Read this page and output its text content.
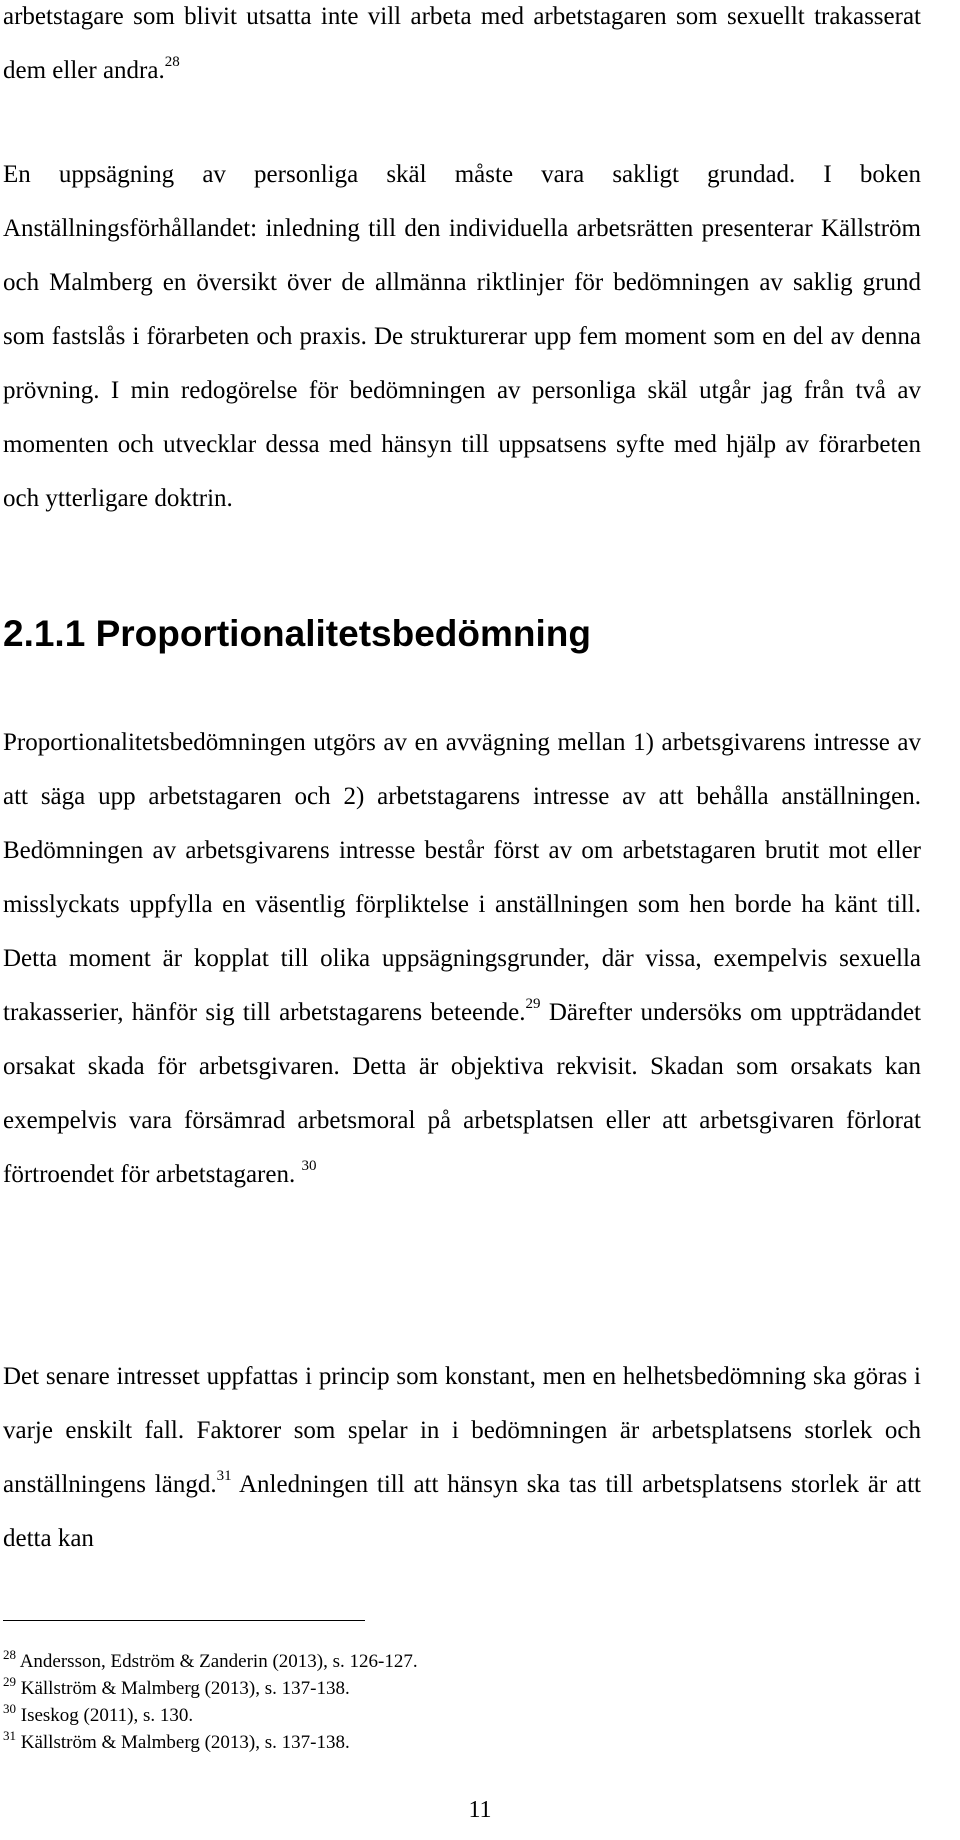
arbetstagare som blivit utsatta inte vill arbeta med arbetstagaren som sexuellt trakasserat dem eller andra.$^{28}$

En uppsägning av personliga skäl måste vara sakligt grundad. I boken Anställningsförhållandet: inledning till den individuella arbetsrätten presenterar Källström och Malmberg en översikt över de allmänna riktlinjer för bedömningen av saklig grund som fastslås i förarbeten och praxis. De strukturerar upp fem moment som en del av denna prövning. I min redogörelse för bedömningen av personliga skäl utgår jag från två av momenten och utvecklar dessa med hänsyn till uppsatsens syfte med hjälp av förarbeten och ytterligare doktrin.

2.1.1 Proportionalitetsbedömning

Proportionalitetsbedömningen utgörs av en avvägning mellan 1) arbetsgivarens intresse av att säga upp arbetstagaren och 2) arbetstagarens intresse av att behålla anställningen. Bedömningen av arbetsgivarens intresse består först av om arbetstagaren brutit mot eller misslyckats uppfylla en väsentlig förpliktelse i anställningen som hen borde ha känt till. Detta moment är kopplat till olika uppsägningsgrunder, där vissa, exempelvis sexuella trakasserier, hänför sig till arbetstagarens beteende.$^{29}$ Därefter undersöks om uppträdandet orsakat skada för arbetsgivaren. Detta är objektiva rekvisit. Skadan som orsakats kan exempelvis vara försämrad arbetsmoral på arbetsplatsen eller att arbetsgivaren förlorat förtroendet för arbetstagaren. $^{30}$

Det senare intresset uppfattas i princip som konstant, men en helhetsbedömning ska göras i varje enskilt fall. Faktorer som spelar in i bedömningen är arbetsplatsens storlek och anställningens längd.$^{31}$ Anledningen till att hänsyn ska tas till arbetsplatsens storlek är att detta kan

$^{28}$ Andersson, Edström & Zanderin (2013), s. 126-127.
$^{29}$ Källström & Malmberg (2013), s. 137-138.
$^{30}$ Iseskog (2011), s. 130.
$^{31}$ Källström & Malmberg (2013), s. 137-138.
11
